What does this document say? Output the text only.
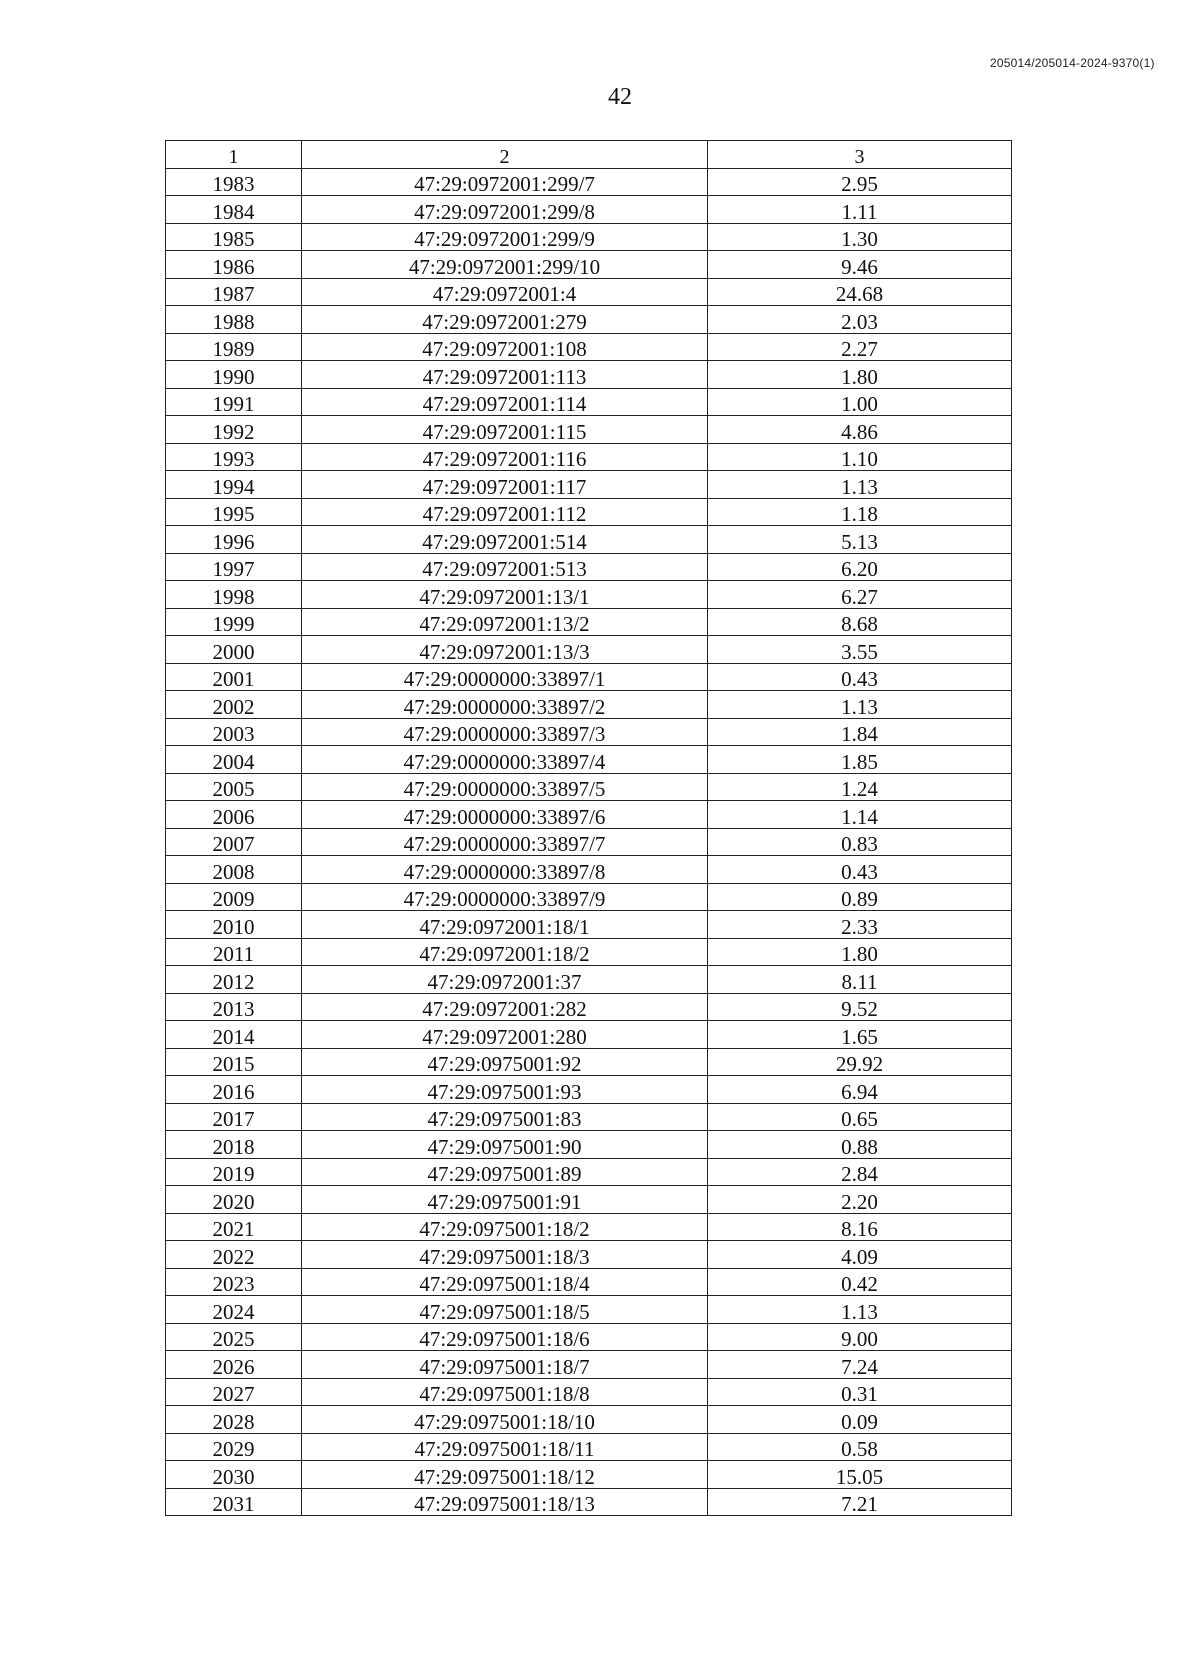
205014/205014-2024-9370(1)
42
1	2	3
1983	47:29:0972001:299/7	2.95
1984	47:29:0972001:299/8	1.11
1985	47:29:0972001:299/9	1.30
1986	47:29:0972001:299/10	9.46
1987	47:29:0972001:4	24.68
1988	47:29:0972001:279	2.03
1989	47:29:0972001:108	2.27
1990	47:29:0972001:113	1.80
1991	47:29:0972001:114	1.00
1992	47:29:0972001:115	4.86
1993	47:29:0972001:116	1.10
1994	47:29:0972001:117	1.13
1995	47:29:0972001:112	1.18
1996	47:29:0972001:514	5.13
1997	47:29:0972001:513	6.20
1998	47:29:0972001:13/1	6.27
1999	47:29:0972001:13/2	8.68
2000	47:29:0972001:13/3	3.55
2001	47:29:0000000:33897/1	0.43
2002	47:29:0000000:33897/2	1.13
2003	47:29:0000000:33897/3	1.84
2004	47:29:0000000:33897/4	1.85
2005	47:29:0000000:33897/5	1.24
2006	47:29:0000000:33897/6	1.14
2007	47:29:0000000:33897/7	0.83
2008	47:29:0000000:33897/8	0.43
2009	47:29:0000000:33897/9	0.89
2010	47:29:0972001:18/1	2.33
2011	47:29:0972001:18/2	1.80
2012	47:29:0972001:37	8.11
2013	47:29:0972001:282	9.52
2014	47:29:0972001:280	1.65
2015	47:29:0975001:92	29.92
2016	47:29:0975001:93	6.94
2017	47:29:0975001:83	0.65
2018	47:29:0975001:90	0.88
2019	47:29:0975001:89	2.84
2020	47:29:0975001:91	2.20
2021	47:29:0975001:18/2	8.16
2022	47:29:0975001:18/3	4.09
2023	47:29:0975001:18/4	0.42
2024	47:29:0975001:18/5	1.13
2025	47:29:0975001:18/6	9.00
2026	47:29:0975001:18/7	7.24
2027	47:29:0975001:18/8	0.31
2028	47:29:0975001:18/10	0.09
2029	47:29:0975001:18/11	0.58
2030	47:29:0975001:18/12	15.05
2031	47:29:0975001:18/13	7.21
